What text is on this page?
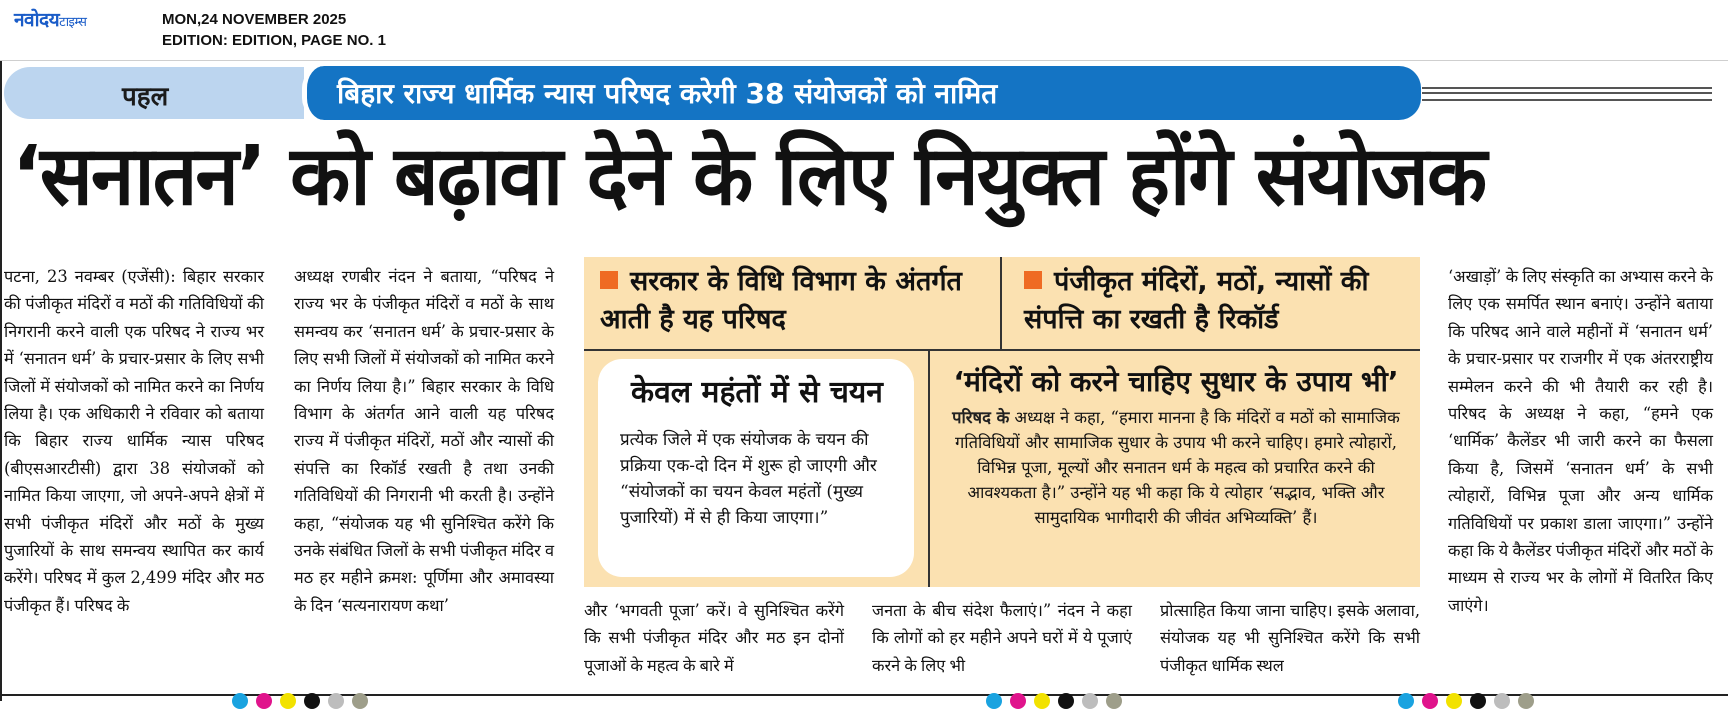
नवोदयटाइम्स	MON,24 NOVEMBER 2025
EDITION: EDITION, PAGE NO. 1
पहल	बिहार राज्य धार्मिक न्यास परिषद करेगी 38 संयोजकों को नामित
‘सनातन’ को बढ़ावा देने के लिए नियुक्त होंगे संयोजक
पटना, 23 नवम्बर (एजेंसी): बिहार सरकार की पंजीकृत मंदिरों व मठों की गतिविधियों की निगरानी करने वाली एक परिषद ने राज्य भर में ‘सनातन धर्म’ के प्रचार-प्रसार के लिए सभी जिलों में संयोजकों को नामित करने का निर्णय लिया है। एक अधिकारी ने रविवार को बताया कि बिहार राज्य धार्मिक न्यास परिषद (बीएसआरटीसी) द्वारा 38 संयोजकों को नामित किया जाएगा, जो अपने-अपने क्षेत्रों में सभी पंजीकृत मंदिरों और मठों के मुख्य पुजारियों के साथ समन्वय स्थापित कर कार्य करेंगे। परिषद में कुल 2,499 मंदिर और मठ पंजीकृत हैं। परिषद के
अध्यक्ष रणबीर नंदन ने बताया, “परिषद ने राज्य भर के पंजीकृत मंदिरों व मठों के साथ समन्वय कर ‘सनातन धर्म’ के प्रचार-प्रसार के लिए सभी जिलों में संयोजकों को नामित करने का निर्णय लिया है।” बिहार सरकार के विधि विभाग के अंतर्गत आने वाली यह परिषद राज्य में पंजीकृत मंदिरों, मठों और न्यासों की संपत्ति का रिकॉर्ड रखती है तथा उनकी गतिविधियों की निगरानी भी करती है। उन्होंने कहा, “संयोजक यह भी सुनिश्चित करेंगे कि उनके संबंधित जिलों के सभी पंजीकृत मंदिर व मठ हर महीने क्रमश: पूर्णिमा और अमावस्या के दिन ‘सत्यनारायण कथा’
सरकार के विधि विभाग के अंतर्गत आती है यह परिषद
पंजीकृत मंदिरों, मठों, न्यासों की संपत्ति का रखती है रिकॉर्ड
केवल महंतों में से चयन
प्रत्येक जिले में एक संयोजक के चयन की प्रक्रिया एक-दो दिन में शुरू हो जाएगी और “संयोजकों का चयन केवल महंतों (मुख्य पुजारियों) में से ही किया जाएगा।”
‘मंदिरों को करने चाहिए सुधार के उपाय भी’
परिषद के अध्यक्ष ने कहा, “हमारा मानना है कि मंदिरों व मठों को सामाजिक गतिविधियों और सामाजिक सुधार के उपाय भी करने चाहिए। हमारे त्योहारों, विभिन्न पूजा, मूल्यों और सनातन धर्म के महत्व को प्रचारित करने की आवश्यकता है।” उन्होंने यह भी कहा कि ये त्योहार ‘सद्भाव, भक्ति और सामुदायिक भागीदारी की जीवंत अभिव्यक्ति’ हैं।
और ‘भगवती पूजा’ करें। वे सुनिश्चित करेंगे कि सभी पंजीकृत मंदिर और मठ इन दोनों पूजाओं के महत्व के बारे में
जनता के बीच संदेश फैलाएं।” नंदन ने कहा कि लोगों को हर महीने अपने घरों में ये पूजाएं करने के लिए भी
प्रोत्साहित किया जाना चाहिए। इसके अलावा, संयोजक यह भी सुनिश्चित करेंगे कि सभी पंजीकृत धार्मिक स्थल
‘अखाड़ों’ के लिए संस्कृति का अभ्यास करने के लिए एक समर्पित स्थान बनाएं। उन्होंने बताया कि परिषद आने वाले महीनों में ‘सनातन धर्म’ के प्रचार-प्रसार पर राजगीर में एक अंतरराष्ट्रीय सम्मेलन करने की भी तैयारी कर रही है। परिषद के अध्यक्ष ने कहा, “हमने एक ‘धार्मिक’ कैलेंडर भी जारी करने का फैसला किया है, जिसमें ‘सनातन धर्म’ के सभी त्योहारों, विभिन्न पूजा और अन्य धार्मिक गतिविधियों पर प्रकाश डाला जाएगा।” उन्होंने कहा कि ये कैलेंडर पंजीकृत मंदिरों और मठों के माध्यम से राज्य भर के लोगों में वितरित किए जाएंगे।
